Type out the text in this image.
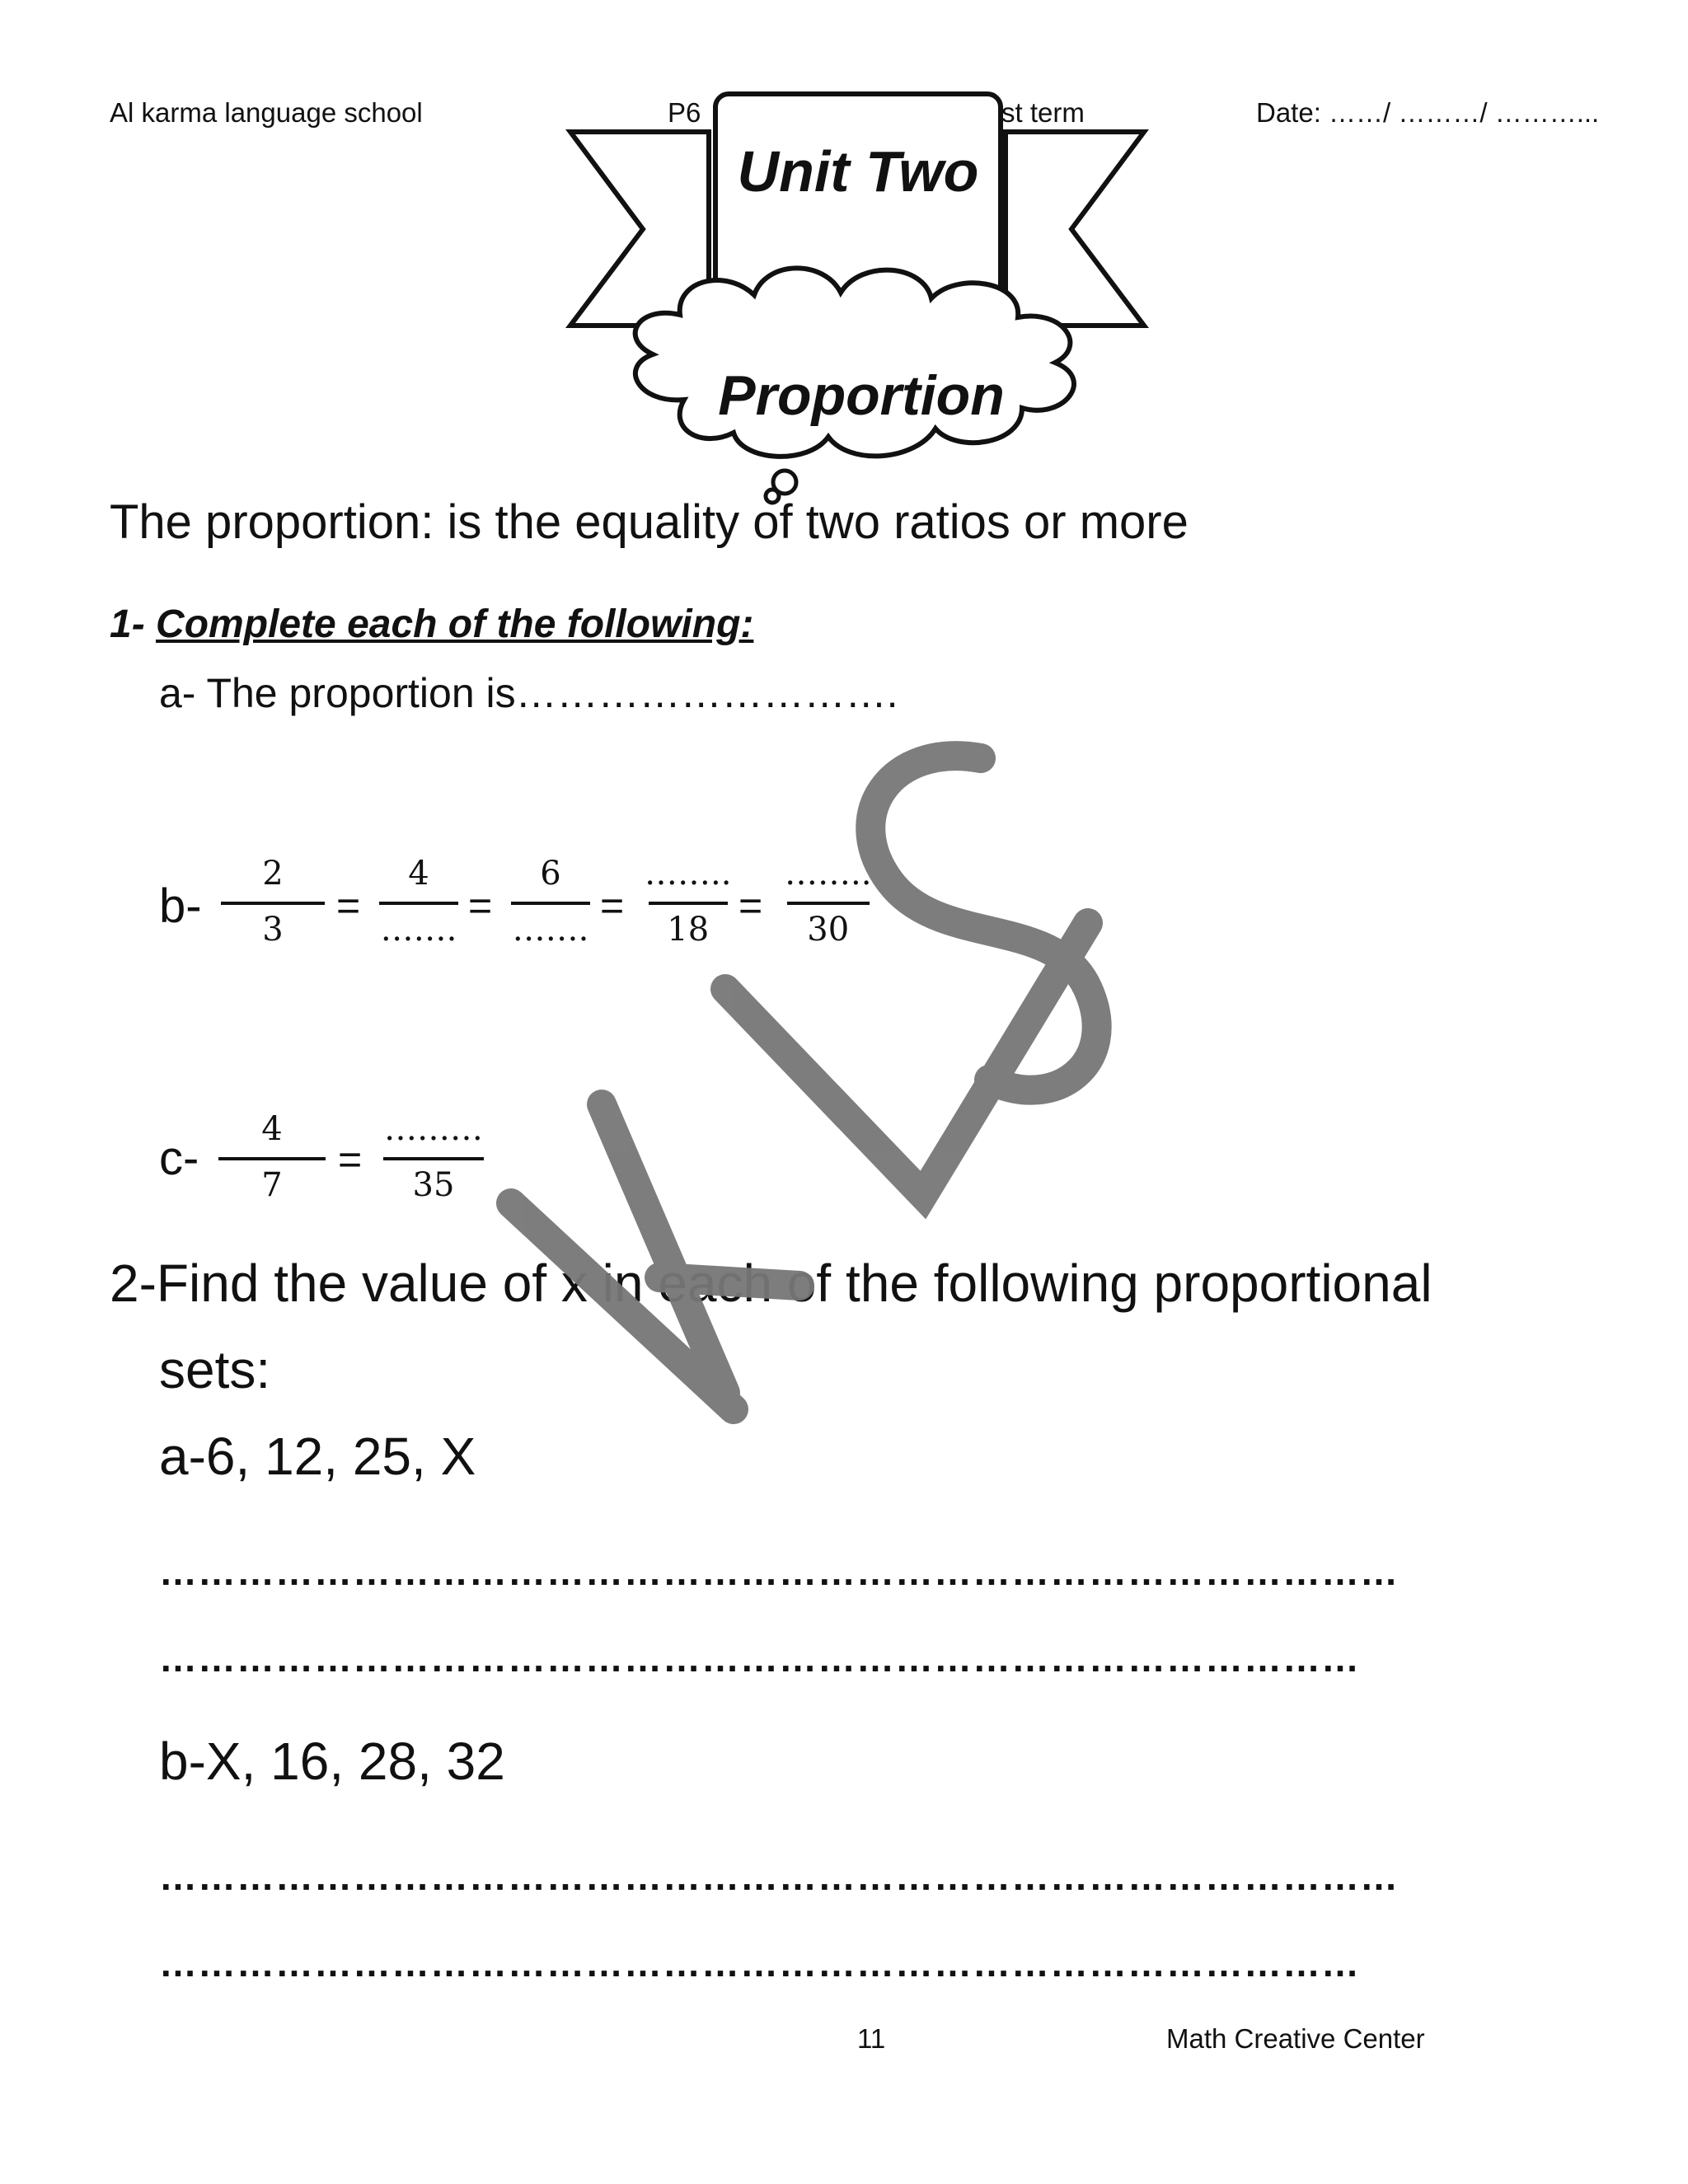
Al karma language school	P6	st term	Date: ……/ ………/ ………...
Unit Two
Proportion
The proportion: is the equality of two ratios or more
1- Complete each of the following:
a- The proportion is……………………….
b-
2
3
=
4
…….
=
6
…….
=
……..
18
=
……..
30
c-
4
7
=
………
35
2-Find the value of x in each of the following proportional
sets:
a-6, 12, 25, X
……………………………………………………………………………………
…………………………………………………………………………………
b-X, 16, 28, 32
……………………………………………………………………………………
…………………………………………………………………………………
11	Math Creative Center
